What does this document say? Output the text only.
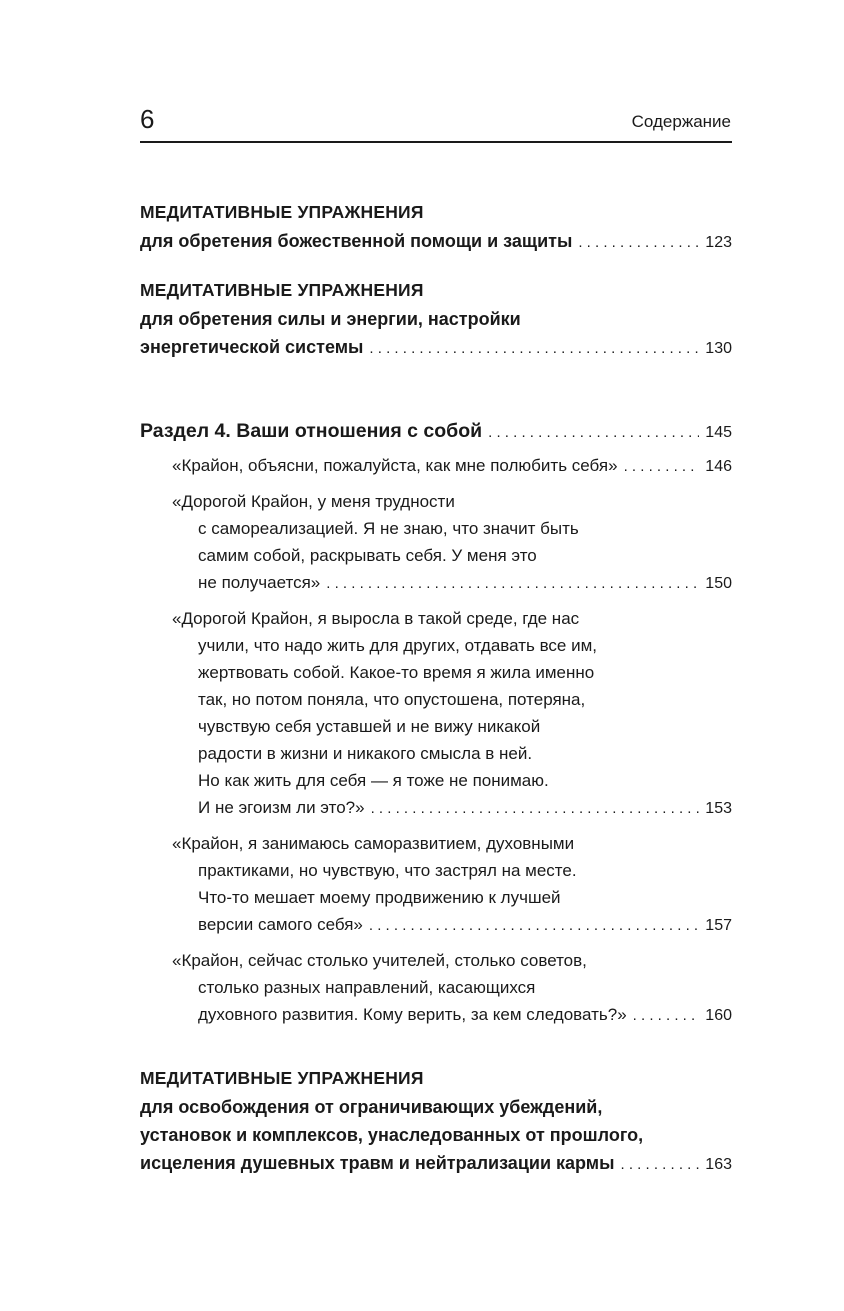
6	Содержание
МЕДИТАТИВНЫЕ УПРАЖНЕНИЯ
для обретения божественной помощи и защиты . . .	123
МЕДИТАТИВНЫЕ УПРАЖНЕНИЯ
для обретения силы и энергии, настройки
энергетической системы . . .	130
Раздел 4. Ваши отношения с собой . . .	145
«Крайон, объясни, пожалуйста, как мне полюбить себя» . . .	146
«Дорогой Крайон, у меня трудности
с самореализацией. Я не знаю, что значит быть
самим собой, раскрывать себя. У меня это
не получается» . . .	150
«Дорогой Крайон, я выросла в такой среде, где нас
учили, что надо жить для других, отдавать все им,
жертвовать собой. Какое-то время я жила именно
так, но потом поняла, что опустошена, потеряна,
чувствую себя уставшей и не вижу никакой
радости в жизни и никакого смысла в ней.
Но как жить для себя — я тоже не понимаю.
И не эгоизм ли это?» . . .	153
«Крайон, я занимаюсь саморазвитием, духовными
практиками, но чувствую, что застрял на месте.
Что-то мешает моему продвижению к лучшей
версии самого себя» . . .	157
«Крайон, сейчас столько учителей, столько советов,
столько разных направлений, касающихся
духовного развития. Кому верить, за кем следовать?» . . .	160
МЕДИТАТИВНЫЕ УПРАЖНЕНИЯ
для освобождения от ограничивающих убеждений,
установок и комплексов, унаследованных от прошлого,
исцеления душевных травм и нейтрализации кармы . . .	163
